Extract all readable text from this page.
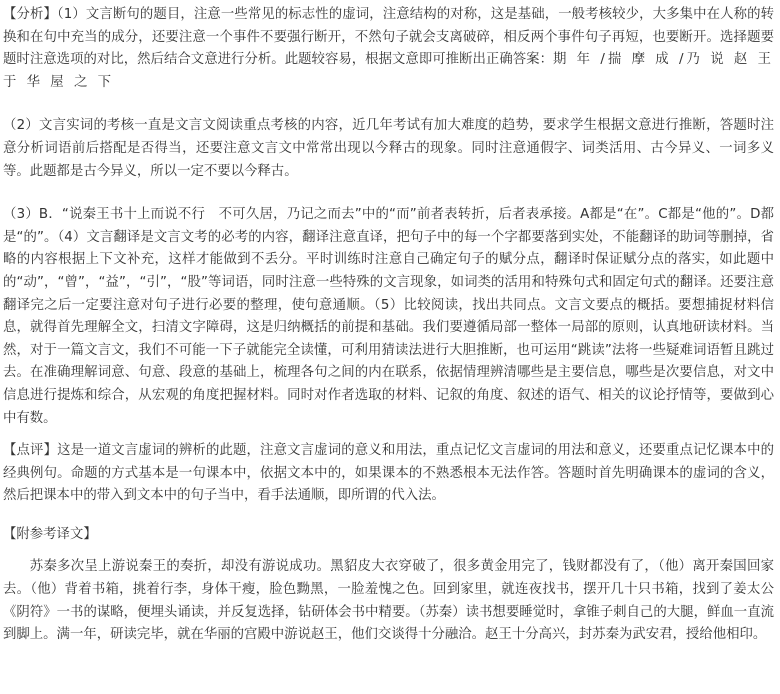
【分析】（1）文言断句的题目，注意一些常见的标志性的虚词，注意结构的对称，这是基础，一般考核较少，大多集中在人称的转换和在句中充当的成分，还要注意一个事件不要强行断开，不然句子就会支离破碎，相反两个事件句子再短，也要断开。选择题要题时注意选项的对比，然后结合文意进行分析。此题较容易，根据文意即可推断出正确答案：期 年 /揣 摩 成 /乃 说 赵 王 于 华 屋 之 下

（2）文言实词的考核一直是文言文阅读重点考核的内容，近几年考试有加大难度的趋势，要求学生根据文意进行推断，答题时注意分析词语前后搭配是否得当，还要注意文言文中常常出现以今释古的现象。同时注意通假字、词类活用、古今异义、一词多义等。此题都是古今异义，所以一定不要以今释古。

（3）B．“说秦王书十上而说不行　不可久居，乃记之而去”中的“而”前者表转折，后者表承接。A都是“在”。C都是“他的”。D都是“的”。（4）文言翻译是文言文考的必考的内容，翻译注意直译，把句子中的每一个字都要落到实处，不能翻译的助词等删掉，省略的内容根据上下文补充，这样才能做到不丢分。平时训练时注意自己确定句子的赋分点，翻译时保证赋分点的落实，如此题中的“动”，“曾”，“益”，“引”，“股”等词语，同时注意一些特殊的文言现象，如词类的活用和特殊句式和固定句式的翻译。还要注意翻译完之后一定要注意对句子进行必要的整理，使句意通顺。（5）比较阅读，找出共同点。文言文要点的概括。要想捕捉材料信息，就得首先理解全文，扫清文字障碍，这是归纳概括的前提和基础。我们要遵循局部一整体一局部的原则，认真地研读材料。当然，对于一篇文言文，我们不可能一下子就能完全读懂，可利用猜读法进行大胆推断，也可运用“跳读”法将一些疑难词语暂且跳过去。在准确理解词意、句意、段意的基础上，梳理各句之间的内在联系，依据情理辨清哪些是主要信息，哪些是次要信息，对文中信息进行提炼和综合，从宏观的角度把握材料。同时对作者选取的材料、记叙的角度、叙述的语气、相关的议论抒情等，要做到心中有数。

【点评】这是一道文言虚词的辨析的此题，注意文言虚词的意义和用法，重点记忆文言虚词的用法和意义，还要重点记忆课本中的经典例句。命题的方式基本是一句课本中，依据文本中的，如果课本的不熟悉根本无法作答。答题时首先明确课本的虚词的含义，然后把课本中的带入到文本中的句子当中，看手法通顺，即所谓的代入法。

【附参考译文】

苏秦多次呈上游说秦王的奏折，却没有游说成功。黑貂皮大衣穿破了，很多黄金用完了，钱财都没有了，（他）离开秦国回家去。（他）背着书箱，挑着行李，身体干瘦，脸色黝黑，一脸羞愧之色。回到家里，就连夜找书，摆开几十只书箱，找到了姜太公《阴符》一书的谋略，便埋头诵读，并反复选择，钻研体会书中精要。（苏秦）读书想要睡觉时，拿锥子刺自己的大腿，鲜血一直流到脚上。满一年，研读完毕，就在华丽的宫殿中游说赵王，他们交谈得十分融洽。赵王十分高兴，封苏秦为武安君，授给他相印。
